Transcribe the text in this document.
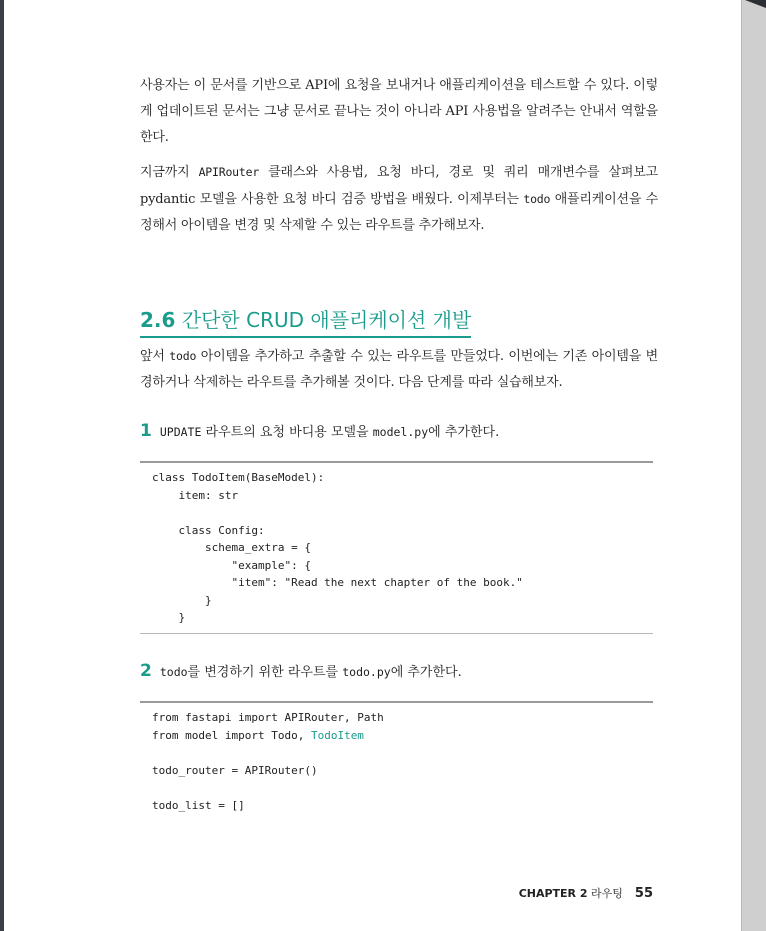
사용자는 이 문서를 기반으로 API에 요청을 보내거나 애플리케이션을 테스트할 수 있다. 이렇게 업데이트된 문서는 그냥 문서로 끝나는 것이 아니라 API 사용법을 알려주는 안내서 역할을 한다.

지금까지 APIRouter 클래스와 사용법, 요청 바디, 경로 및 쿼리 매개변수를 살펴보고 pydantic 모델을 사용한 요청 바디 검증 방법을 배웠다. 이제부터는 todo 애플리케이션을 수정해서 아이템을 변경 및 삭제할 수 있는 라우트를 추가해보자.

2.6 간단한 CRUD 애플리케이션 개발

앞서 todo 아이템을 추가하고 추출할 수 있는 라우트를 만들었다. 이번에는 기존 아이템을 변경하거나 삭제하는 라우트를 추가해볼 것이다. 다음 단계를 따라 실습해보자.

1 UPDATE 라우트의 요청 바디용 모델을 model.py에 추가한다.
class TodoItem(BaseModel):
item: str
class Config:
schema_extra = {
"example": {
"item": "Read the next chapter of the book."
}
}
2 todo를 변경하기 위한 라우트를 todo.py에 추가한다.
from fastapi import APIRouter, Path
from model import Todo, TodoItem
todo_router = APIRouter()
todo_list = []
CHAPTER 2 라우팅 55
